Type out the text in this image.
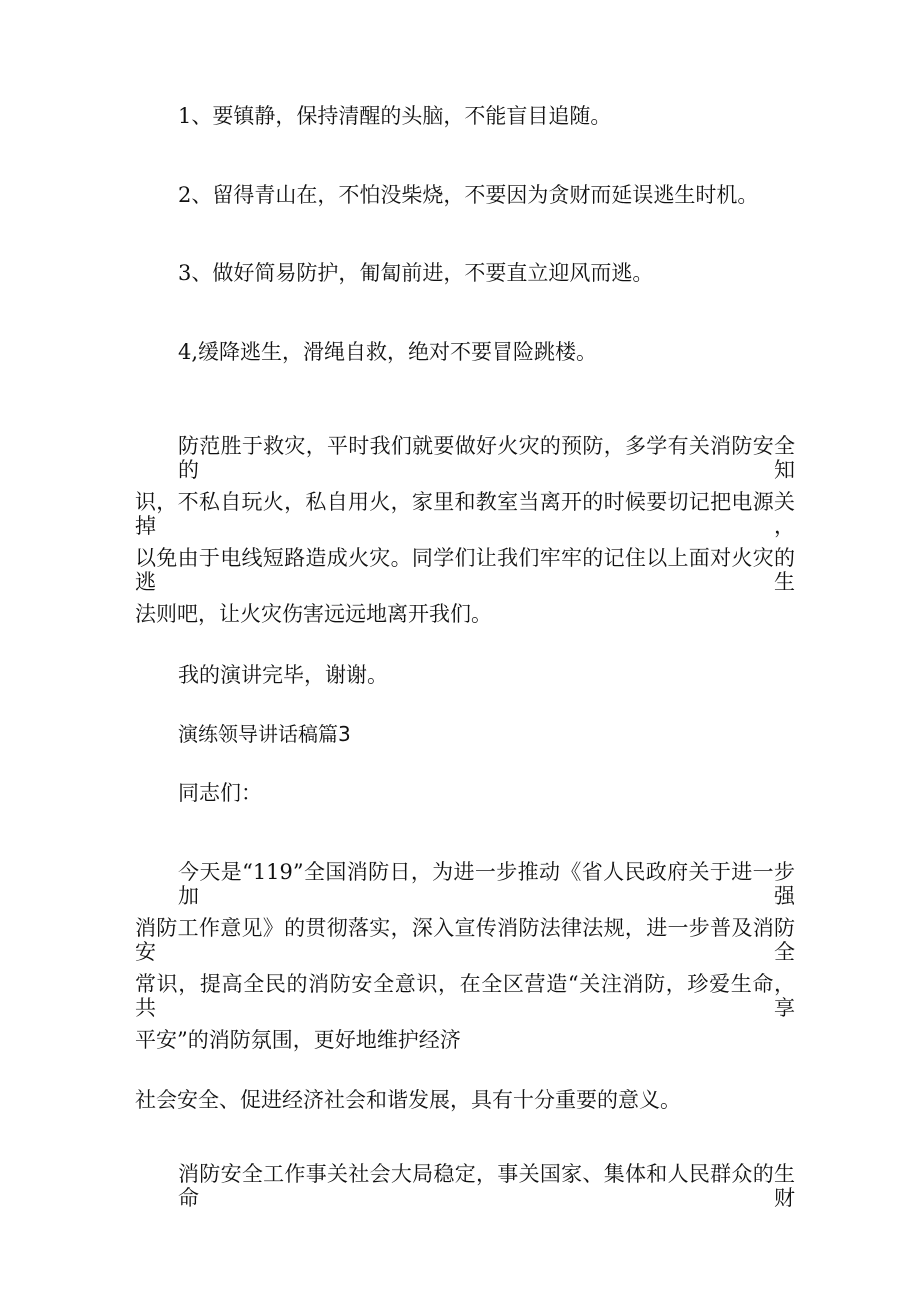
1、要镇静，保持清醒的头脑，不能盲目追随。

2、留得青山在，不怕没柴烧，不要因为贪财而延误逃生时机。

3、做好简易防护，匍匐前进，不要直立迎风而逃。

4,缓降逃生，滑绳自救，绝对不要冒险跳楼。

防范胜于救灾，平时我们就要做好火灾的预防，多学有关消防安全的知

识，不私自玩火，私自用火，家里和教室当离开的时候要切记把电源关掉，

以免由于电线短路造成火灾。同学们让我们牢牢的记住以上面对火灾的逃生

法则吧，让火灾伤害远远地离开我们。

我的演讲完毕，谢谢。

演练领导讲话稿篇3

同志们：

今天是“119”全国消防日，为进一步推动《省人民政府关于进一步加强

消防工作意见》的贯彻落实，深入宣传消防法律法规，进一步普及消防安全

常识，提高全民的消防安全意识，在全区营造“关注消防，珍爱生命，共享

平安”的消防氛围，更好地维护经济

社会安全、促进经济社会和谐发展，具有十分重要的意义。

消防安全工作事关社会大局稳定，事关国家、集体和人民群众的生命财
